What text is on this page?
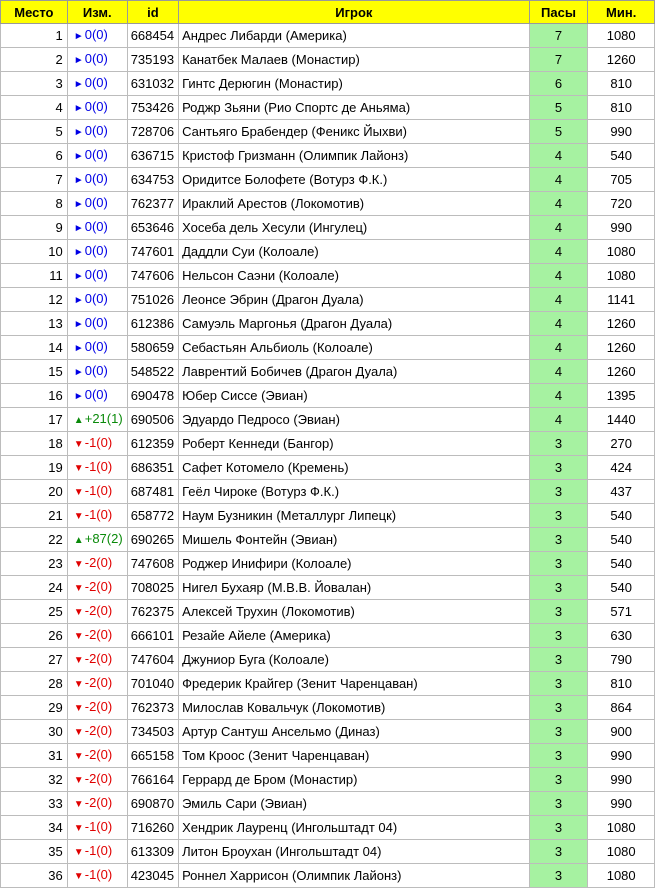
Место	Изм.	id	Игрок	Пасы	Мин.
1	►0(0)	668454	Андрес Либарди (Америка)	7	1080
2	►0(0)	735193	Канатбек Малаев (Монастир)	7	1260
3	►0(0)	631032	Гинтс Дерюгин (Монастир)	6	810
4	►0(0)	753426	Роджр Зьяни (Рио Спортс де Аньяма)	5	810
5	►0(0)	728706	Сантьяго Брабендер (Феникс Йыхви)	5	990
6	►0(0)	636715	Кристоф Гризманн (Олимпик Лайонз)	4	540
7	►0(0)	634753	Оридитсе Болофете (Вотурз Ф.К.)	4	705
8	►0(0)	762377	Ираклий Арестов (Локомотив)	4	720
9	►0(0)	653646	Хосеба дель Хесули (Ингулец)	4	990
10	►0(0)	747601	Даддли Суи (Колоале)	4	1080
11	►0(0)	747606	Нельсон Саэни (Колоале)	4	1080
12	►0(0)	751026	Леонсе Эбрин (Драгон Дуала)	4	1141
13	►0(0)	612386	Самуэль Маргонья (Драгон Дуала)	4	1260
14	►0(0)	580659	Себастьян Альбиоль (Колоале)	4	1260
15	►0(0)	548522	Лаврентий Бобичев (Драгон Дуала)	4	1260
16	►0(0)	690478	Юбер Сиссе (Эвиан)	4	1395
17	▲+21(1)	690506	Эдуардо Педросо (Эвиан)	4	1440
18	▼-1(0)	612359	Роберт Кеннеди (Бангор)	3	270
19	▼-1(0)	686351	Сафет Котомело (Кремень)	3	424
20	▼-1(0)	687481	Геёл Чироке (Вотурз Ф.К.)	3	437
21	▼-1(0)	658772	Наум Бузникин (Металлург Липецк)	3	540
22	▲+87(2)	690265	Мишель Фонтейн (Эвиан)	3	540
23	▼-2(0)	747608	Роджер Инифири (Колоале)	3	540
24	▼-2(0)	708025	Нигел Бухаяр (М.В.В. Йовалан)	3	540
25	▼-2(0)	762375	Алексей Трухин (Локомотив)	3	571
26	▼-2(0)	666101	Резайе Айеле (Америка)	3	630
27	▼-2(0)	747604	Джуниор Буга (Колоале)	3	790
28	▼-2(0)	701040	Фредерик Крайгер (Зенит Чаренцаван)	3	810
29	▼-2(0)	762373	Милослав Ковальчук (Локомотив)	3	864
30	▼-2(0)	734503	Артур Сантуш Ансельмо (Диназ)	3	900
31	▼-2(0)	665158	Том Кроос (Зенит Чаренцаван)	3	990
32	▼-2(0)	766164	Геррард де Бром (Монастир)	3	990
33	▼-2(0)	690870	Эмиль Сари (Эвиан)	3	990
34	▼-1(0)	716260	Хендрик Лауренц (Ингольштадт 04)	3	1080
35	▼-1(0)	613309	Литон Броухан (Ингольштадт 04)	3	1080
36	▼-1(0)	423045	Роннел Харрисон (Олимпик Лайонз)	3	1080
